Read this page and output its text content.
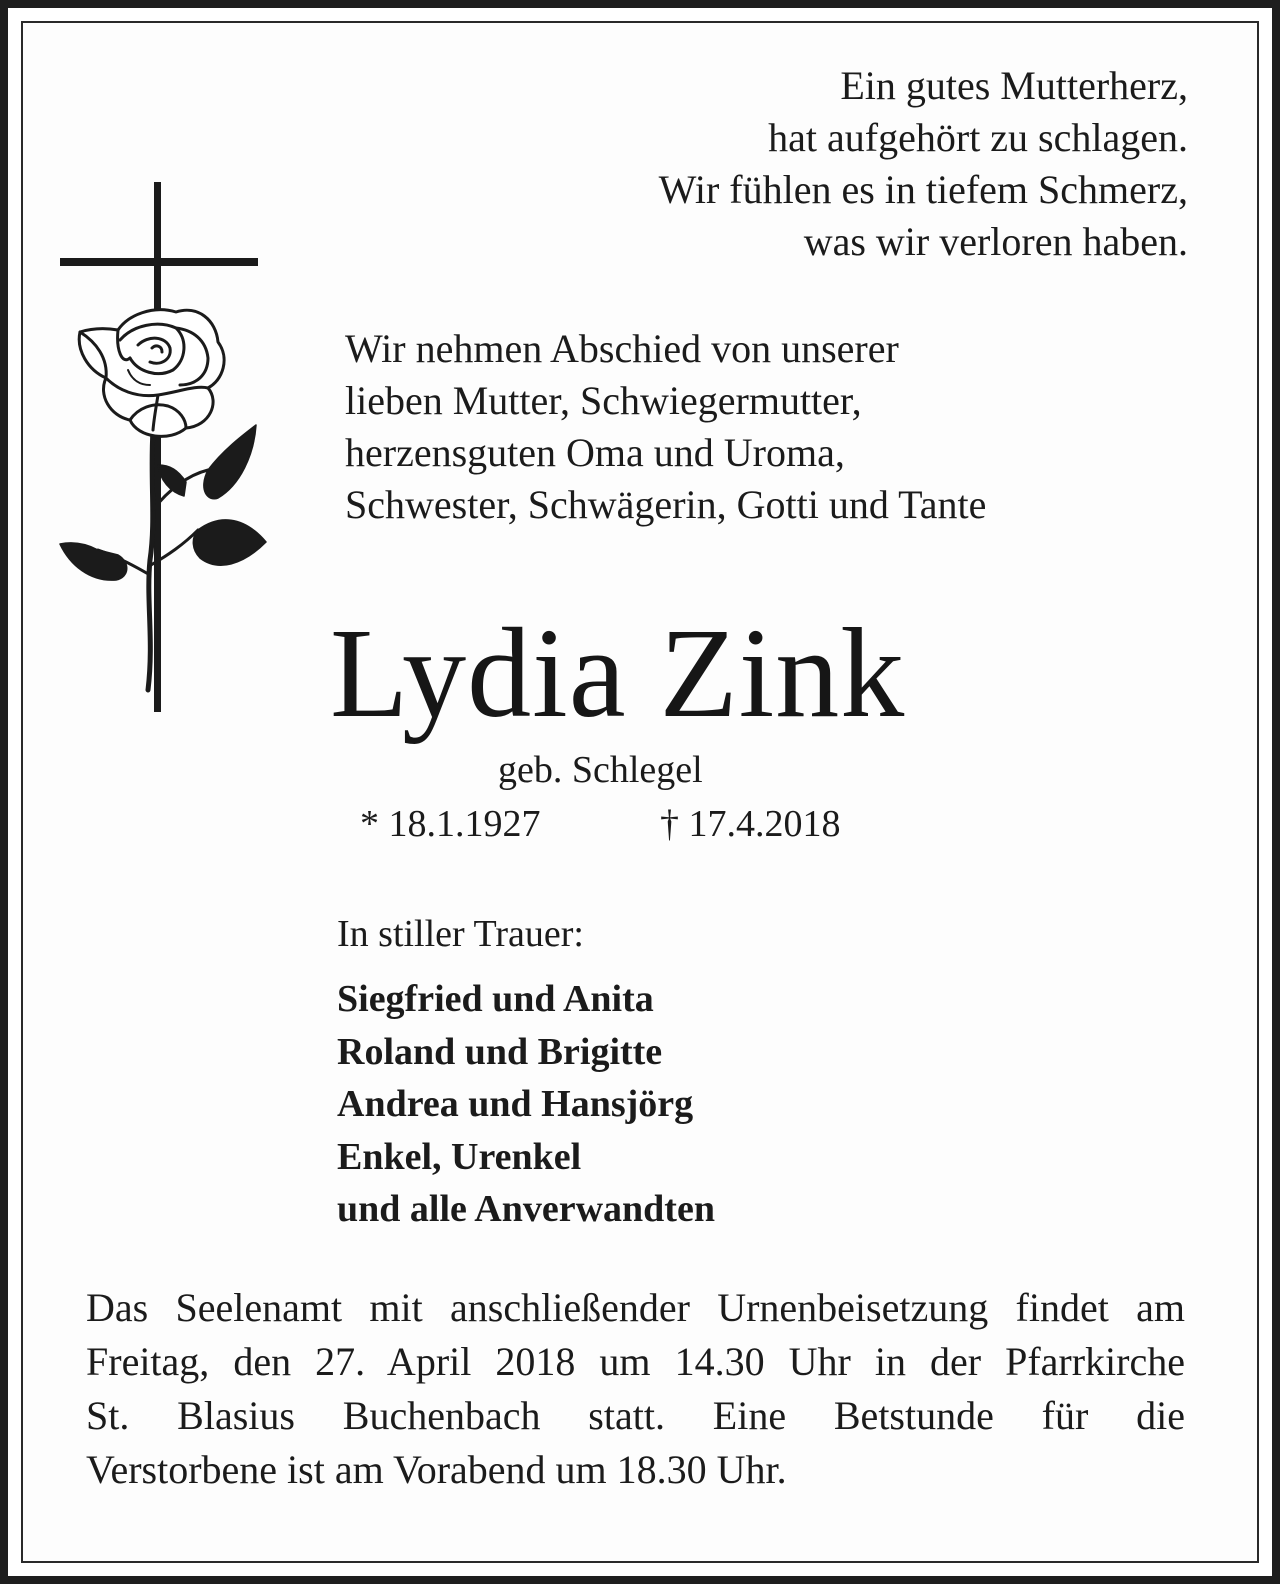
Ein gutes Mutterherz,
hat aufgehört zu schlagen.
Wir fühlen es in tiefem Schmerz,
was wir verloren haben.
Wir nehmen Abschied von unserer
lieben Mutter, Schwiegermutter,
herzensguten Oma und Uroma,
Schwester, Schwägerin, Gotti und Tante
Lydia Zink
geb. Schlegel
* 18.1.1927	† 17.4.2018
In stiller Trauer:
Siegfried und Anita
Roland und Brigitte
Andrea und Hansjörg
Enkel, Urenkel
und alle Anverwandten
Das Seelenamt mit anschließender Urnenbeisetzung findet am
Freitag, den 27. April 2018 um 14.30 Uhr in der Pfarrkirche
St. Blasius Buchenbach statt. Eine Betstunde für die
Verstorbene ist am Vorabend um 18.30 Uhr.
